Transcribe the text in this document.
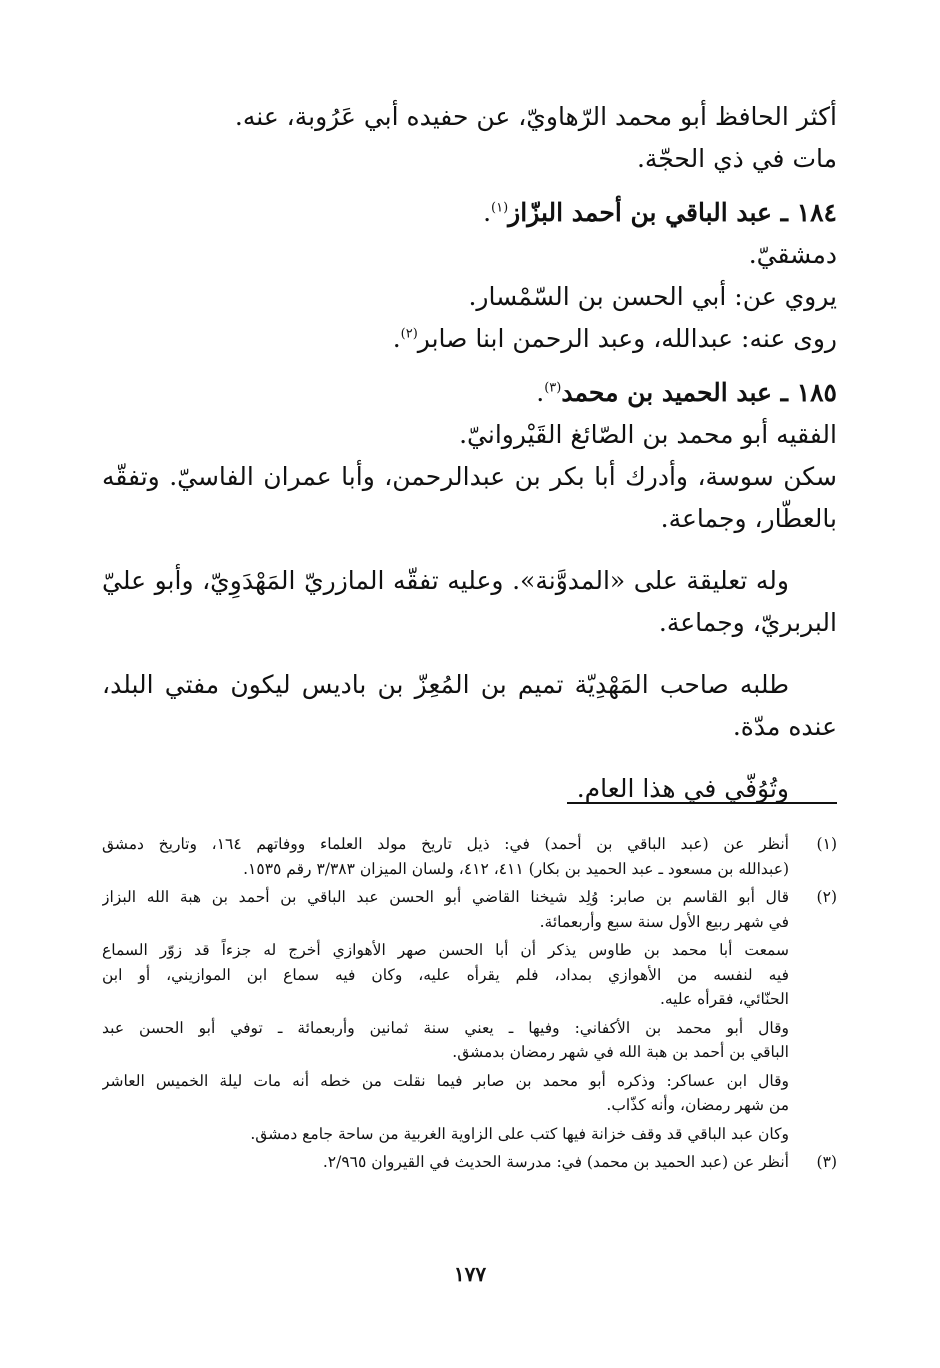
أكثر الحافظ أبو محمد الرّهاويّ، عن حفيده أبي عَرُوبة، عنه.
مات في ذي الحجّة.
١٨٤ ـ عبد الباقي بن أحمد البزّاز$^{(١)}$.
دمشقيّ.
يروي عن: أبي الحسن بن السّمْسار.
روى عنه: عبدالله، وعبد الرحمن ابنا صابر$^{(٢)}$.
١٨٥ ـ عبد الحميد بن محمد$^{(٣)}$.
الفقيه أبو محمد بن الصّائغ القَيْروانيّ.
سكن سوسة، وأدرك أبا بكر بن عبدالرحمن، وأبا عمران الفاسيّ. وتفقّه
بالعطّار، وجماعة.
وله تعليقة على «المدوَّنة». وعليه تفقّه المازريّ المَهْدَوِيّ، وأبو عليّ
البربريّ، وجماعة.
طلبه صاحب المَهْدِيّة تميم بن المُعِزّ بن باديس ليكون مفتي البلد،
عنده مدّة.
وتُوُفّي في هذا العام.
(١)
أنظر عن (عبد الباقي بن أحمد) في: ذيل تاريخ مولد العلماء ووفاتهم ١٦٤، وتاريخ دمشق
(عبدالله بن مسعود ـ عبد الحميد بن بكار) ٤١١، ٤١٢، ولسان الميزان ٣/٣٨٣ رقم ١٥٣٥.
(٢)
قال أبو القاسم بن صابر: وُلِد شيخنا القاضي أبو الحسن عبد الباقي بن أحمد بن هبة الله البزاز
في شهر ربيع الأول سنة سبع وأربعمائة.
سمعت أبا محمد بن طاوس يذكر أن أبا الحسن صهر الأهوازي أخرج له جزءاً قد زوّر السماع
فيه لنفسه من الأهوازي بمداد، فلم يقرأه عليه، وكان فيه سماع ابن الموازيني، أو ابن
الحنّائي، فقرأه عليه.
وقال أبو محمد بن الأكفاني: وفيها ـ يعني سنة ثمانين وأربعمائة ـ توفي أبو الحسن عبد
الباقي بن أحمد بن هبة الله في شهر رمضان بدمشق.
وقال ابن عساكر: وذكره أبو محمد بن صابر فيما نقلت من خطه أنه مات ليلة الخميس العاشر
من شهر رمضان، وأنه كذّاب.
وكان عبد الباقي قد وقف خزانة فيها كتب على الزاوية الغربية من ساحة جامع دمشق.
(٣)
أنظر عن (عبد الحميد بن محمد) في: مدرسة الحديث في القيروان ٢/٩٦٥.
١٧٧
